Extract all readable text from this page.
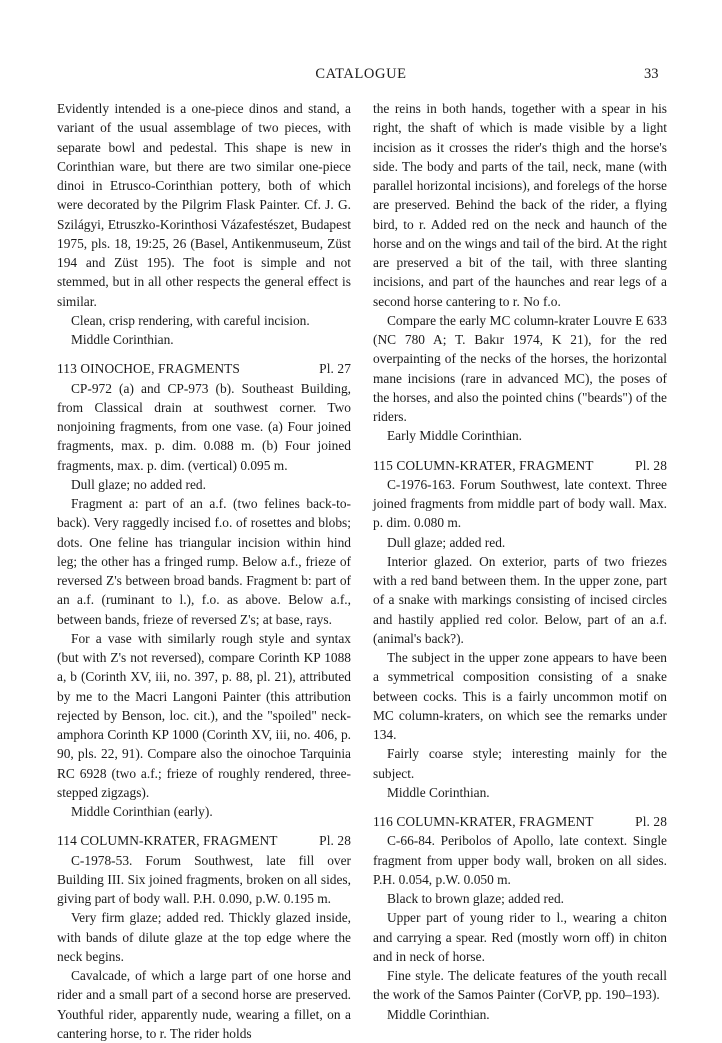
CATALOGUE	33

Evidently intended is a one-piece dinos and stand, a variant of the usual assemblage of two pieces, with separate bowl and pedestal. This shape is new in Corinthian ware, but there are two similar one-piece dinoi in Etrusco-Corinthian pottery, both of which were decorated by the Pilgrim Flask Painter. Cf. J. G. Szilágyi, Etruszko-Korinthosi Vázafestészet, Budapest 1975, pls. 18, 19:25, 26 (Basel, Antikenmuseum, Züst 194 and Züst 195). The foot is simple and not stemmed, but in all other respects the general effect is similar.

Clean, crisp rendering, with careful incision.

Middle Corinthian.

113 OINOCHOE, FRAGMENTS	Pl. 27

CP-972 (a) and CP-973 (b). Southeast Building, from Classical drain at southwest corner. Two nonjoining fragments, from one vase. (a) Four joined fragments, max. p. dim. 0.088 m. (b) Four joined fragments, max. p. dim. (vertical) 0.095 m.

Dull glaze; no added red.

Fragment a: part of an a.f. (two felines back-to-back). Very raggedly incised f.o. of rosettes and blobs; dots. One feline has triangular incision within hind leg; the other has a fringed rump. Below a.f., frieze of reversed Z's between broad bands. Fragment b: part of an a.f. (ruminant to l.), f.o. as above. Below a.f., between bands, frieze of reversed Z's; at base, rays.

For a vase with similarly rough style and syntax (but with Z's not reversed), compare Corinth KP 1088 a, b (Corinth XV, iii, no. 397, p. 88, pl. 21), attributed by me to the Macri Langoni Painter (this attribution rejected by Benson, loc. cit.), and the "spoiled" neck-amphora Corinth KP 1000 (Corinth XV, iii, no. 406, p. 90, pls. 22, 91). Compare also the oinochoe Tarquinia RC 6928 (two a.f.; frieze of roughly rendered, three-stepped zigzags).

Middle Corinthian (early).

114 COLUMN-KRATER, FRAGMENT	Pl. 28

C-1978-53. Forum Southwest, late fill over Building III. Six joined fragments, broken on all sides, giving part of body wall. P.H. 0.090, p.W. 0.195 m.

Very firm glaze; added red. Thickly glazed inside, with bands of dilute glaze at the top edge where the neck begins.

Cavalcade, of which a large part of one horse and rider and a small part of a second horse are preserved. Youthful rider, apparently nude, wearing a fillet, on a cantering horse, to r. The rider holds

the reins in both hands, together with a spear in his right, the shaft of which is made visible by a light incision as it crosses the rider's thigh and the horse's side. The body and parts of the tail, neck, mane (with parallel horizontal incisions), and forelegs of the horse are preserved. Behind the back of the rider, a flying bird, to r. Added red on the neck and haunch of the horse and on the wings and tail of the bird. At the right are preserved a bit of the tail, with three slanting incisions, and part of the haunches and rear legs of a second horse cantering to r. No f.o.

Compare the early MC column-krater Louvre E 633 (NC 780 A; T. Bakır 1974, K 21), for the red overpainting of the necks of the horses, the horizontal mane incisions (rare in advanced MC), the poses of the horses, and also the pointed chins ("beards") of the riders.

Early Middle Corinthian.

115 COLUMN-KRATER, FRAGMENT	Pl. 28

C-1976-163. Forum Southwest, late context. Three joined fragments from middle part of body wall. Max. p. dim. 0.080 m.

Dull glaze; added red.

Interior glazed. On exterior, parts of two friezes with a red band between them. In the upper zone, part of a snake with markings consisting of incised circles and hastily applied red color. Below, part of an a.f. (animal's back?).

The subject in the upper zone appears to have been a symmetrical composition consisting of a snake between cocks. This is a fairly uncommon motif on MC column-kraters, on which see the remarks under 134.

Fairly coarse style; interesting mainly for the subject.

Middle Corinthian.

116 COLUMN-KRATER, FRAGMENT	Pl. 28

C-66-84. Peribolos of Apollo, late context. Single fragment from upper body wall, broken on all sides. P.H. 0.054, p.W. 0.050 m.

Black to brown glaze; added red.

Upper part of young rider to l., wearing a chiton and carrying a spear. Red (mostly worn off) in chiton and in neck of horse.

Fine style. The delicate features of the youth recall the work of the Samos Painter (CorVP, pp. 190–193).

Middle Corinthian.
